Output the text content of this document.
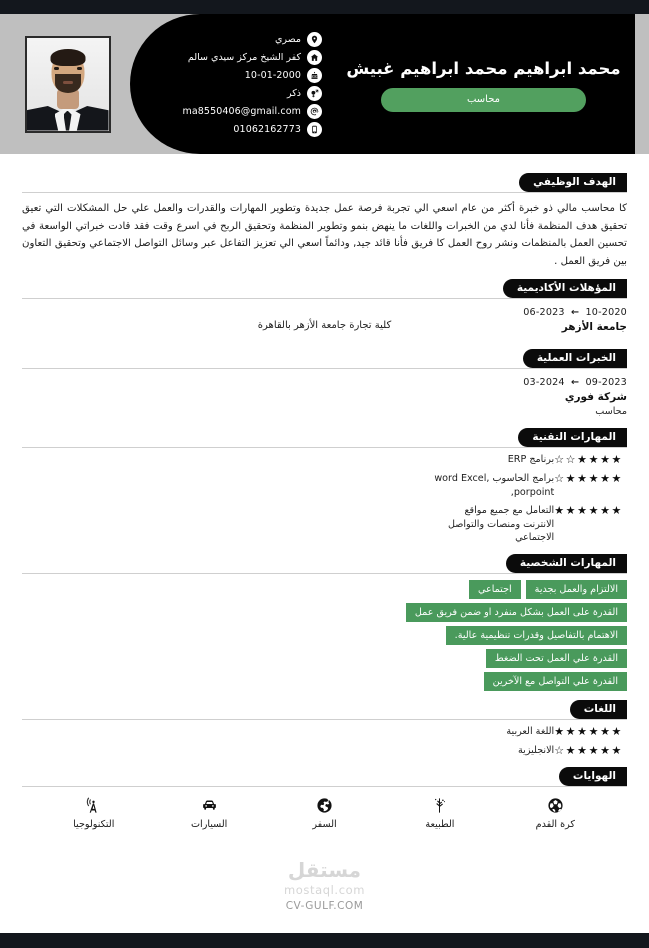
محمد ابراهيم محمد ابراهيم غبيش
محاسب
مصري
كفر الشيخ مركز سيدي سالم
10-01-2000
ذكر
ma8550406@gmail.com
01062162773
الهدف الوظيفي
كا محاسب مالي ذو خبرة أكثر من عام اسعي الي تجربة فرصة عمل جديدة وتطوير المهارات والقدرات والعمل علي حل المشكلات التي تعيق تحقيق هدف المنظمة فأنا لدي من الخبرات واللغات ما ينهض بنمو وتطوير المنظمة وتحقيق الربح في اسرع وقت فقد قادت خبراتي الواسعة في تحسين العمل بالمنظمات ونشر روح العمل كا فريق فأنا قائد جيد, ودائماً اسعي الي تعزيز التفاعل عبر وسائل التواصل الاجتماعي وتحقيق التعاون بين فريق العمل .
المؤهلات الأكاديمية
06-2023 ← 10-2020
جامعة الأزهر
كلية تجارة جامعة الأزهر بالقاهرة
الخبرات العملية
03-2024 ← 09-2023
شركة فوري
محاسب
المهارات التقنية
☆☆★★★★
برنامج ERP
☆★★★★★
برامج الحاسوب word Excel, porpoint,
★★★★★★
التعامل مع جميع مواقع الانترنت ومنصات والتواصل الاجتماعي
المهارات الشخصية
الالتزام والعمل بجدية
اجتماعي
القدرة على العمل بشكل منفرد او ضمن فريق عمل
الاهتمام بالتفاصيل وقدرات تنظيمية عالية.
القدرة علي العمل تحت الضغط
القدرة علي التواصل مع الآخرين
اللغات
★★★★★★
اللغة العربية
☆★★★★★
الانجليزية
الهوايات
كرة القدم
الطبيعة
السفر
السيارات
التكنولوجيا
مستقل
mostaql.com
CV-GULF.COM
